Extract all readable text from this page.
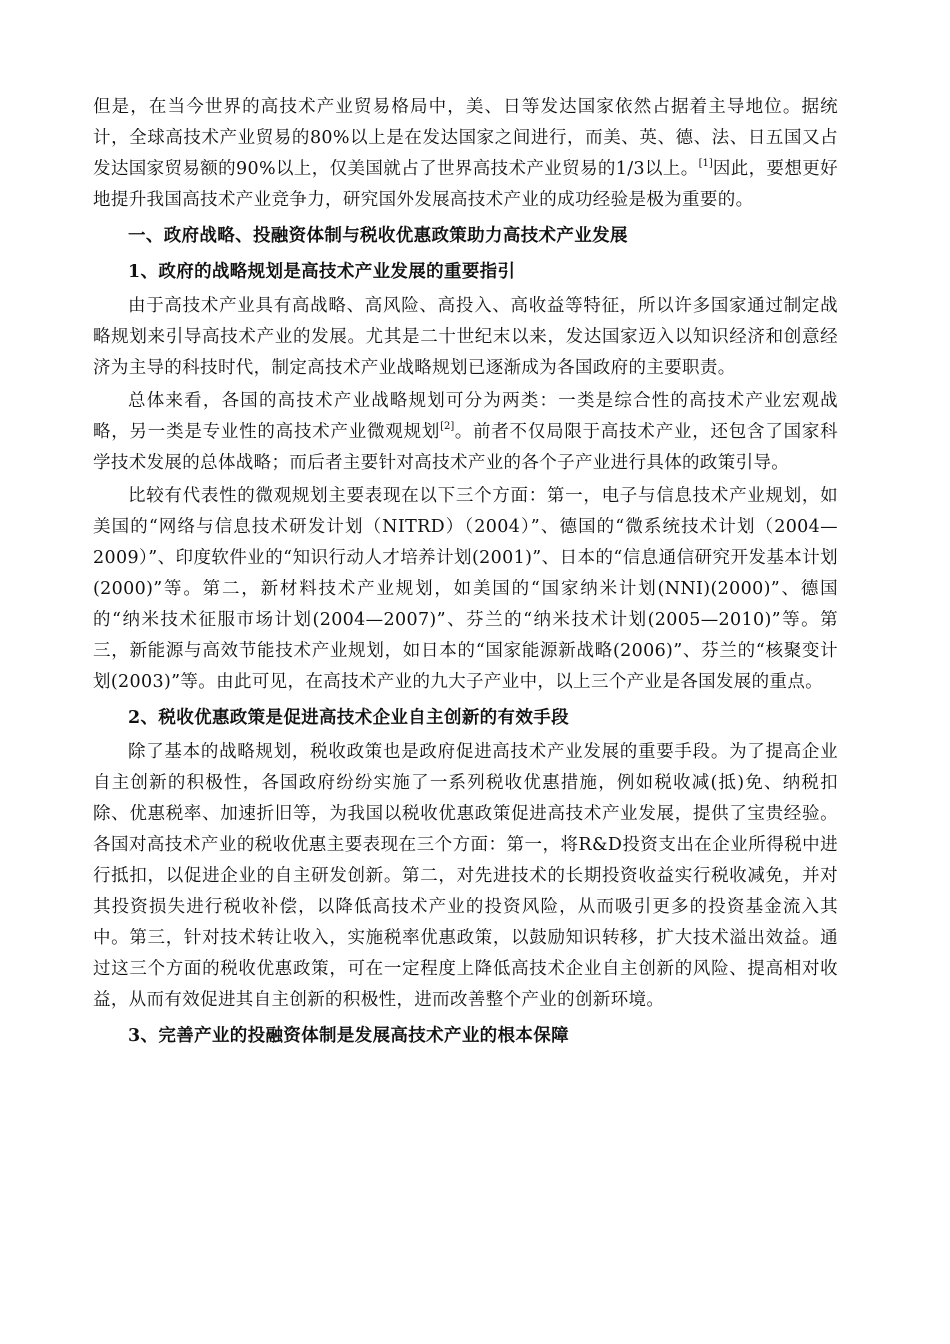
但是，在当今世界的高技术产业贸易格局中，美、日等发达国家依然占据着主导地位。据统计，全球高技术产业贸易的80%以上是在发达国家之间进行，而美、英、德、法、日五国又占发达国家贸易额的90%以上，仅美国就占了世界高技术产业贸易的1/3以上。[1]因此，要想更好地提升我国高技术产业竞争力，研究国外发展高技术产业的成功经验是极为重要的。

一、政府战略、投融资体制与税收优惠政策助力高技术产业发展

1、政府的战略规划是高技术产业发展的重要指引

由于高技术产业具有高战略、高风险、高投入、高收益等特征，所以许多国家通过制定战略规划来引导高技术产业的发展。尤其是二十世纪末以来，发达国家迈入以知识经济和创意经济为主导的科技时代，制定高技术产业战略规划已逐渐成为各国政府的主要职责。

总体来看，各国的高技术产业战略规划可分为两类：一类是综合性的高技术产业宏观战略，另一类是专业性的高技术产业微观规划[2]。前者不仅局限于高技术产业，还包含了国家科学技术发展的总体战略；而后者主要针对高技术产业的各个子产业进行具体的政策引导。

比较有代表性的微观规划主要表现在以下三个方面：第一，电子与信息技术产业规划，如美国的“网络与信息技术研发计划（NITRD）（2004）”、德国的“微系统技术计划（2004—2009）”、印度软件业的“知识行动人才培养计划(2001)”、日本的“信息通信研究开发基本计划(2000)”等。第二，新材料技术产业规划，如美国的“国家纳米计划(NNI)(2000)”、德国的“纳米技术征服市场计划(2004—2007)”、芬兰的“纳米技术计划(2005—2010)”等。第三，新能源与高效节能技术产业规划，如日本的“国家能源新战略(2006)”、芬兰的“核聚变计划(2003)”等。由此可见，在高技术产业的九大子产业中，以上三个产业是各国发展的重点。

2、税收优惠政策是促进高技术企业自主创新的有效手段

除了基本的战略规划，税收政策也是政府促进高技术产业发展的重要手段。为了提高企业自主创新的积极性，各国政府纷纷实施了一系列税收优惠措施，例如税收减(抵)免、纳税扣除、优惠税率、加速折旧等，为我国以税收优惠政策促进高技术产业发展，提供了宝贵经验。各国对高技术产业的税收优惠主要表现在三个方面：第一，将R&D投资支出在企业所得税中进行抵扣，以促进企业的自主研发创新。第二，对先进技术的长期投资收益实行税收减免，并对其投资损失进行税收补偿，以降低高技术产业的投资风险，从而吸引更多的投资基金流入其中。第三，针对技术转让收入，实施税率优惠政策，以鼓励知识转移，扩大技术溢出效益。通过这三个方面的税收优惠政策，可在一定程度上降低高技术企业自主创新的风险、提高相对收益，从而有效促进其自主创新的积极性，进而改善整个产业的创新环境。

3、完善产业的投融资体制是发展高技术产业的根本保障
